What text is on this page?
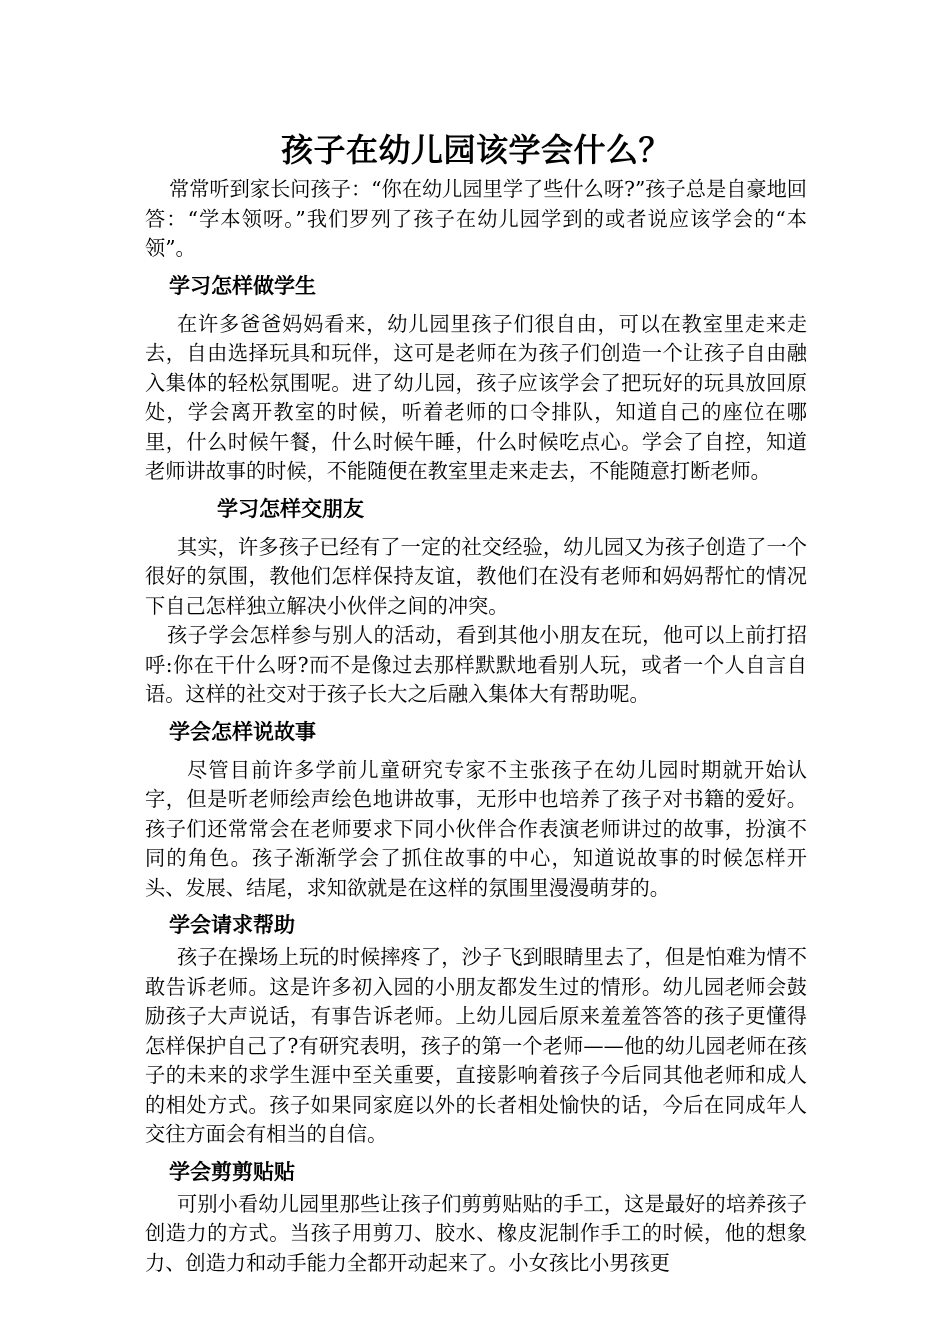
孩子在幼儿园该学会什么？

常常听到家长问孩子：“你在幼儿园里学了些什么呀?”孩子总是自豪地回答：“学本领呀。”我们罗列了孩子在幼儿园学到的或者说应该学会的“本领”。

学习怎样做学生

在许多爸爸妈妈看来，幼儿园里孩子们很自由，可以在教室里走来走去，自由选择玩具和玩伴，这可是老师在为孩子们创造一个让孩子自由融入集体的轻松氛围呢。进了幼儿园，孩子应该学会了把玩好的玩具放回原处，学会离开教室的时候，听着老师的口令排队，知道自己的座位在哪里，什么时候午餐，什么时候午睡，什么时候吃点心。学会了自控，知道老师讲故事的时候，不能随便在教室里走来走去，不能随意打断老师。

学习怎样交朋友

其实，许多孩子已经有了一定的社交经验，幼儿园又为孩子创造了一个很好的氛围，教他们怎样保持友谊，教他们在没有老师和妈妈帮忙的情况下自己怎样独立解决小伙伴之间的冲突。

孩子学会怎样参与别人的活动，看到其他小朋友在玩，他可以上前打招呼:你在干什么呀?而不是像过去那样默默地看别人玩，或者一个人自言自语。这样的社交对于孩子长大之后融入集体大有帮助呢。

学会怎样说故事

尽管目前许多学前儿童研究专家不主张孩子在幼儿园时期就开始认字，但是听老师绘声绘色地讲故事，无形中也培养了孩子对书籍的爱好。孩子们还常常会在老师要求下同小伙伴合作表演老师讲过的故事，扮演不同的角色。孩子渐渐学会了抓住故事的中心，知道说故事的时候怎样开头、发展、结尾，求知欲就是在这样的氛围里漫漫萌芽的。

学会请求帮助

孩子在操场上玩的时候摔疼了，沙子飞到眼睛里去了，但是怕难为情不敢告诉老师。这是许多初入园的小朋友都发生过的情形。幼儿园老师会鼓励孩子大声说话，有事告诉老师。上幼儿园后原来羞羞答答的孩子更懂得怎样保护自己了?有研究表明，孩子的第一个老师——他的幼儿园老师在孩子的未来的求学生涯中至关重要，直接影响着孩子今后同其他老师和成人的相处方式。孩子如果同家庭以外的长者相处愉快的话，今后在同成年人交往方面会有相当的自信。

学会剪剪贴贴

可别小看幼儿园里那些让孩子们剪剪贴贴的手工，这是最好的培养孩子创造力的方式。当孩子用剪刀、胶水、橡皮泥制作手工的时候，他的想象力、创造力和动手能力全都开动起来了。小女孩比小男孩更
